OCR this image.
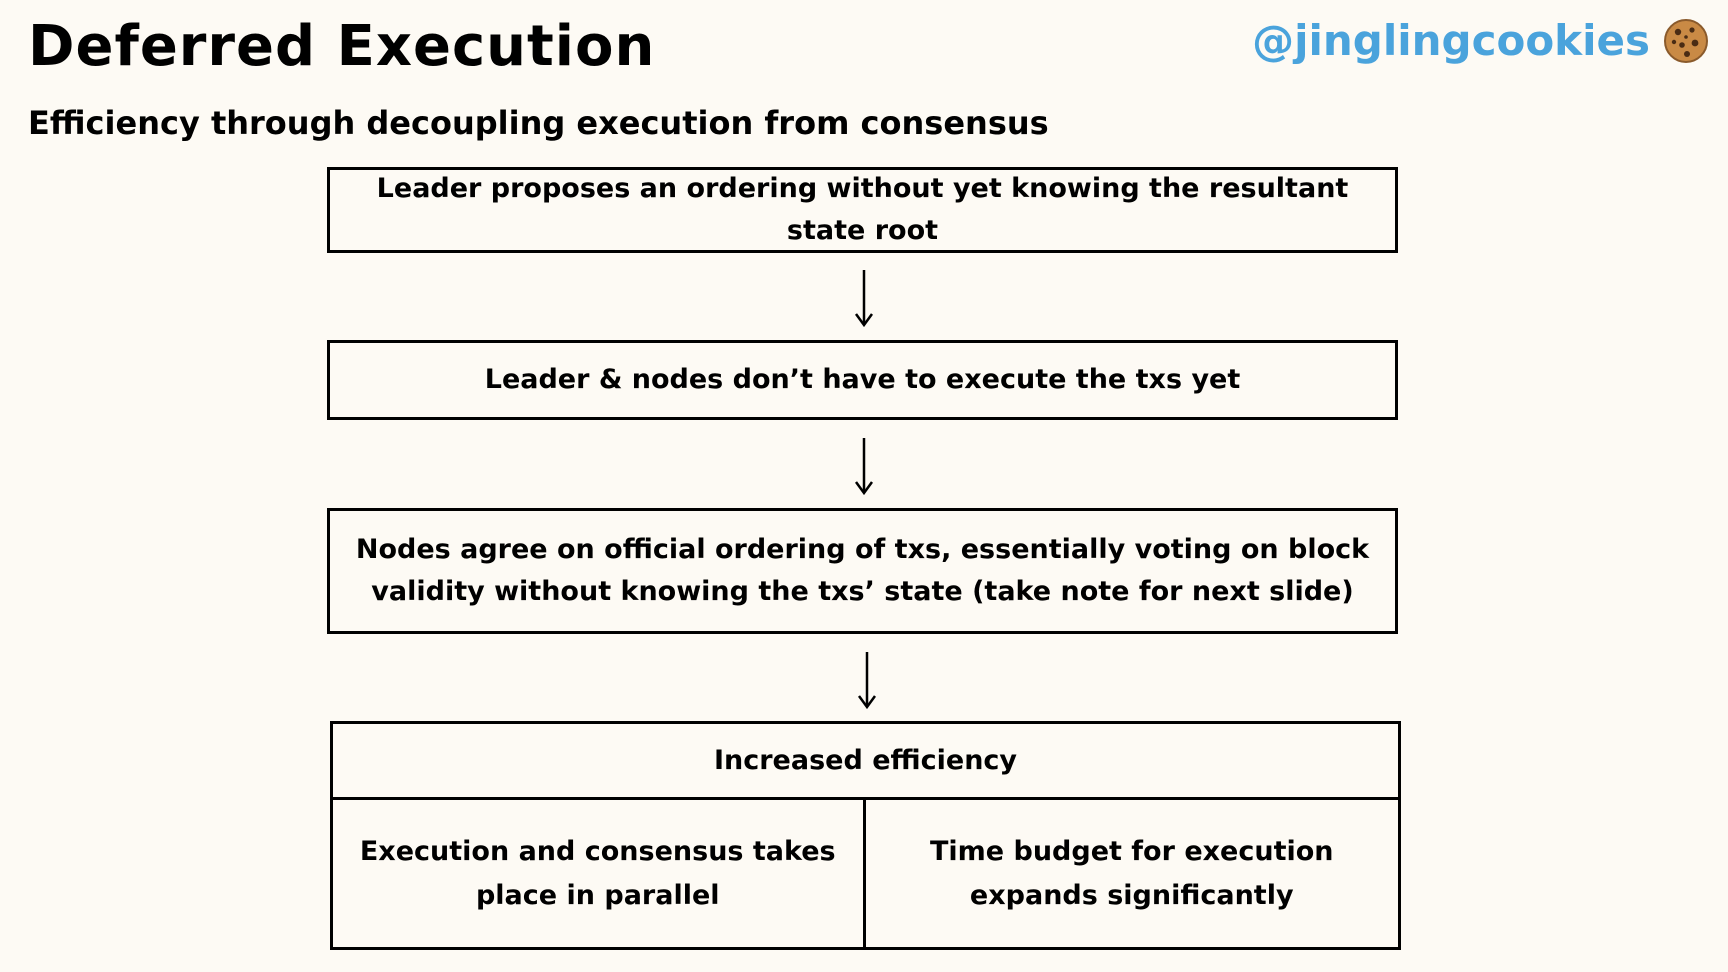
Deferred Execution
Efficiency through decoupling execution from consensus
@jinglingcookies
Leader proposes an ordering without yet knowing the resultant state root
Leader & nodes don’t have to execute the txs yet
Nodes agree on official ordering of txs, essentially voting on block validity without knowing the txs’ state (take note for next slide)
Increased efficiency
Execution and consensus takes place in parallel
Time budget for execution expands significantly
